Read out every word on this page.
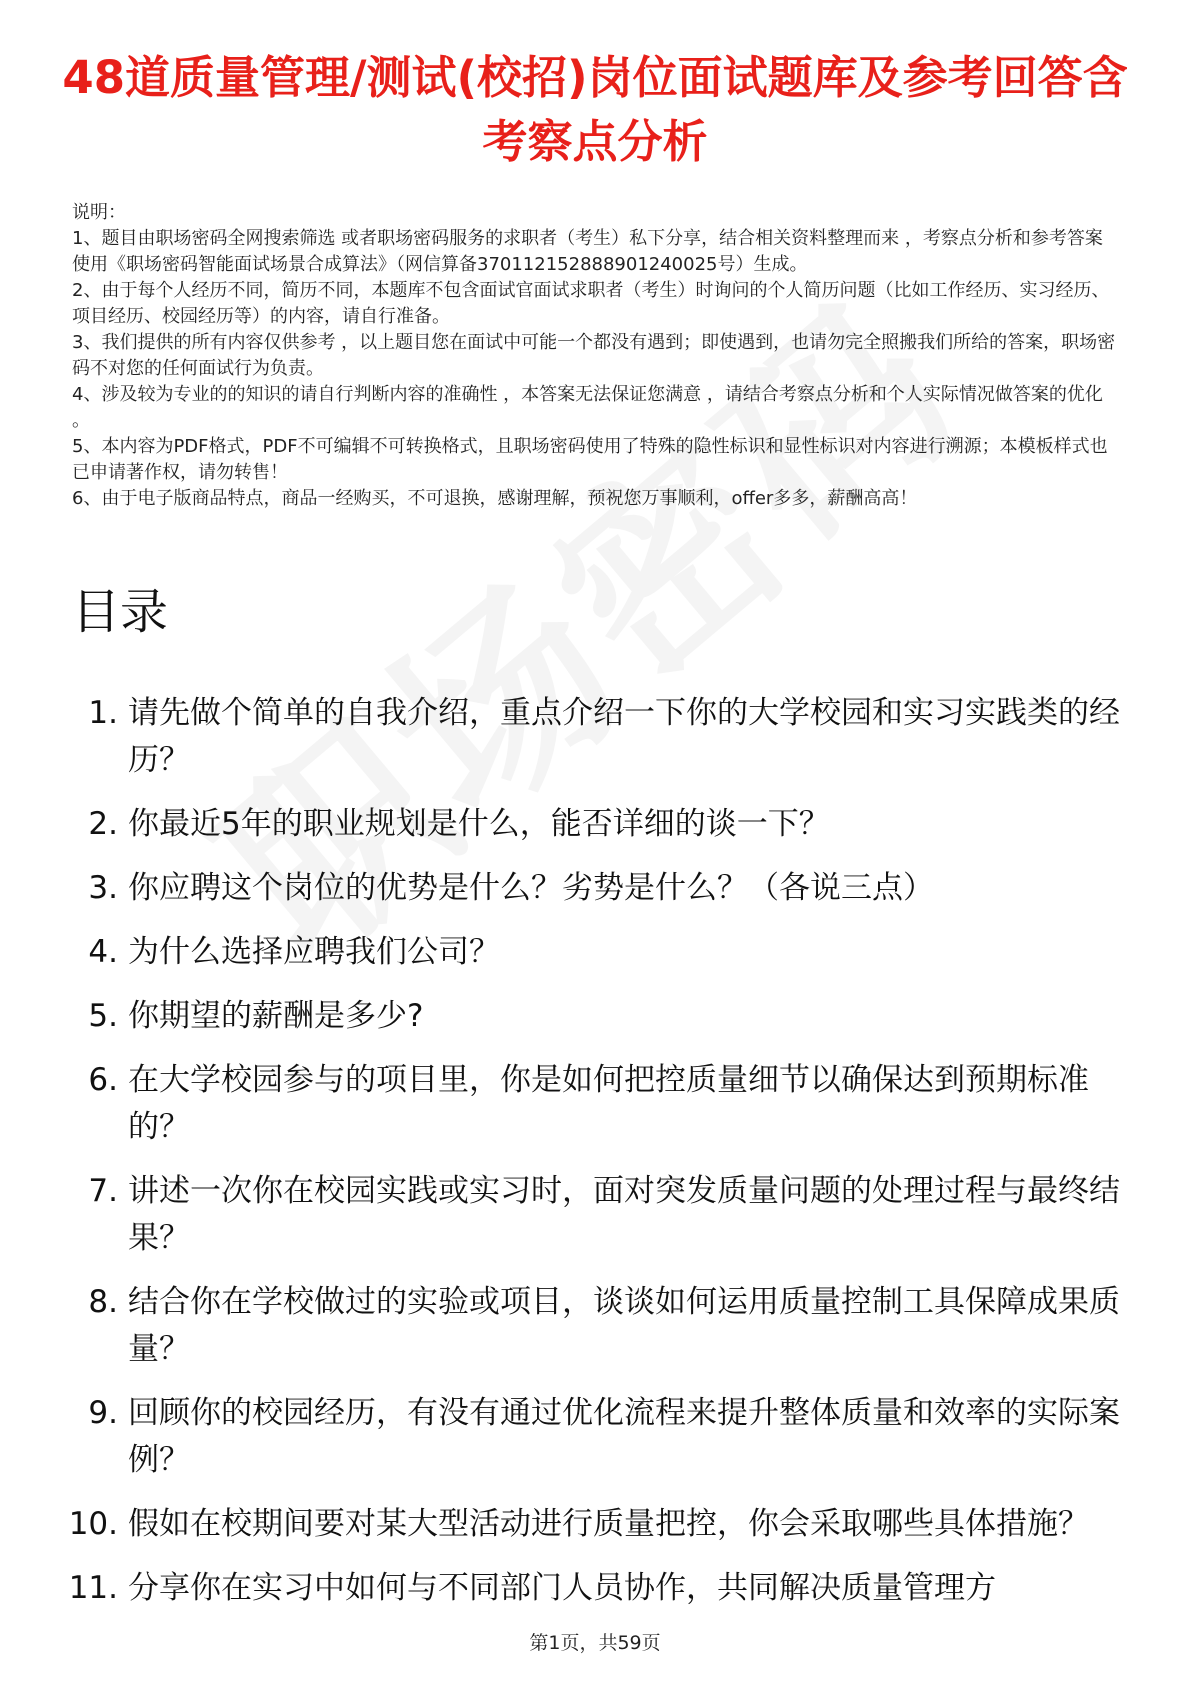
48道质量管理/测试(校招)岗位面试题库及参考回答含考察点分析

说明：

1、题目由职场密码全网搜索筛选 或者职场密码服务的求职者（考生）私下分享，结合相关资料整理而来 ，考察点分析和参考答案使用《职场密码智能面试场景合成算法》（网信算备370112152888901240025号）生成。

2、由于每个人经历不同，简历不同，本题库不包含面试官面试求职者（考生）时询问的个人简历问题（比如工作经历、实习经历、项目经历、校园经历等）的内容，请自行准备。

3、我们提供的所有内容仅供参考 ，以上题目您在面试中可能一个都没有遇到；即使遇到，也请勿完全照搬我们所给的答案，职场密码不对您的任何面试行为负责。

4、涉及较为专业的的知识的请自行判断内容的准确性 ，本答案无法保证您满意 ，请结合考察点分析和个人实际情况做答案的优化 。

5、本内容为PDF格式，PDF不可编辑不可转换格式，且职场密码使用了特殊的隐性标识和显性标识对内容进行溯源；本模板样式也已申请著作权，请勿转售！

6、由于电子版商品特点，商品一经购买，不可退换，感谢理解，预祝您万事顺利，offer多多，薪酬高高！

目录
1. 请先做个简单的自我介绍，重点介绍一下你的大学校园和实习实践类的经历？
2. 你最近5年的职业规划是什么，能否详细的谈一下？
3. 你应聘这个岗位的优势是什么？劣势是什么？（各说三点）
4. 为什么选择应聘我们公司？
5. 你期望的薪酬是多少?
6. 在大学校园参与的项目里，你是如何把控质量细节以确保达到预期标准的？
7. 讲述一次你在校园实践或实习时，面对突发质量问题的处理过程与最终结果？
8. 结合你在学校做过的实验或项目，谈谈如何运用质量控制工具保障成果质量？
9. 回顾你的校园经历，有没有通过优化流程来提升整体质量和效率的实际案例？
10. 假如在校期间要对某大型活动进行质量把控，你会采取哪些具体措施？
11. 分享你在实习中如何与不同部门人员协作，共同解决质量管理方
第1页，共59页
